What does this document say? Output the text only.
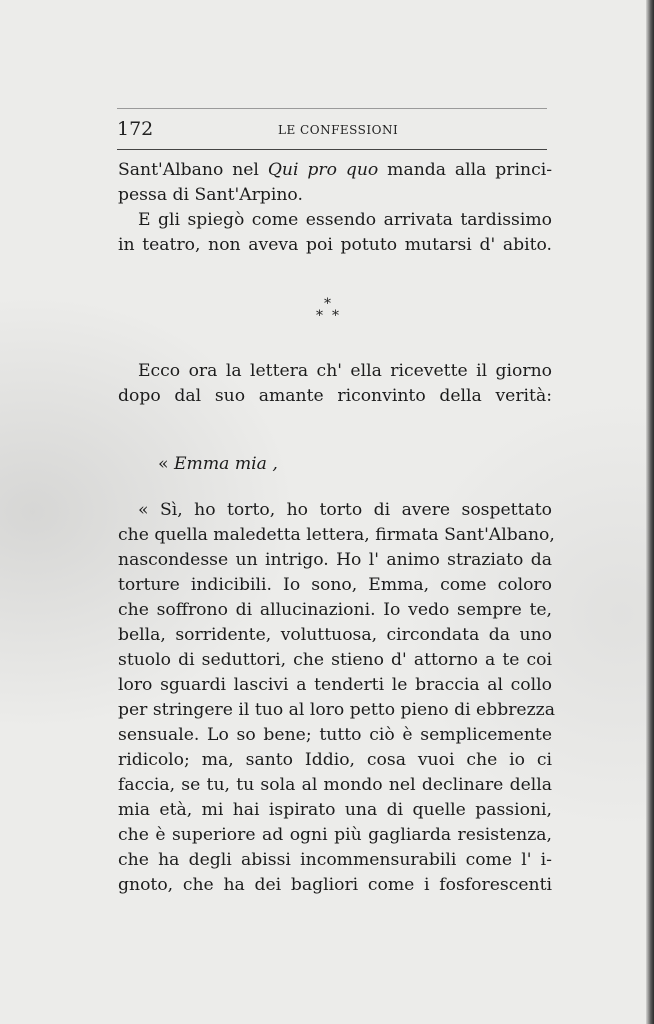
172	LE CONFESSIONI
Sant'Albano nel Qui pro quo manda alla princi-
pessa di Sant'Arpino.
E gli spiegò come essendo arrivata tardissimo
in teatro, non aveva poi potuto mutarsi d' abito.
*
* *
Ecco ora la lettera ch' ella ricevette il giorno
dopo dal suo amante riconvinto della verità:
« Emma mia ,
« Sì, ho torto, ho torto di avere sospettato
che quella maledetta lettera, firmata Sant'Albano,
nascondesse un intrigo. Ho l' animo straziato da
torture indicibili. Io sono, Emma, come coloro
che soffrono di allucinazioni. Io vedo sempre te,
bella, sorridente, voluttuosa, circondata da uno
stuolo di seduttori, che stieno d' attorno a te coi
loro sguardi lascivi a tenderti le braccia al collo
per stringere il tuo al loro petto pieno di ebbrezza
sensuale. Lo so bene; tutto ciò è semplicemente
ridicolo; ma, santo Iddio, cosa vuoi che io ci
faccia, se tu, tu sola al mondo nel declinare della
mia età, mi hai ispirato una di quelle passioni,
che è superiore ad ogni più gagliarda resistenza,
che ha degli abissi incommensurabili come l' i-
gnoto, che ha dei bagliori come i fosforescenti
